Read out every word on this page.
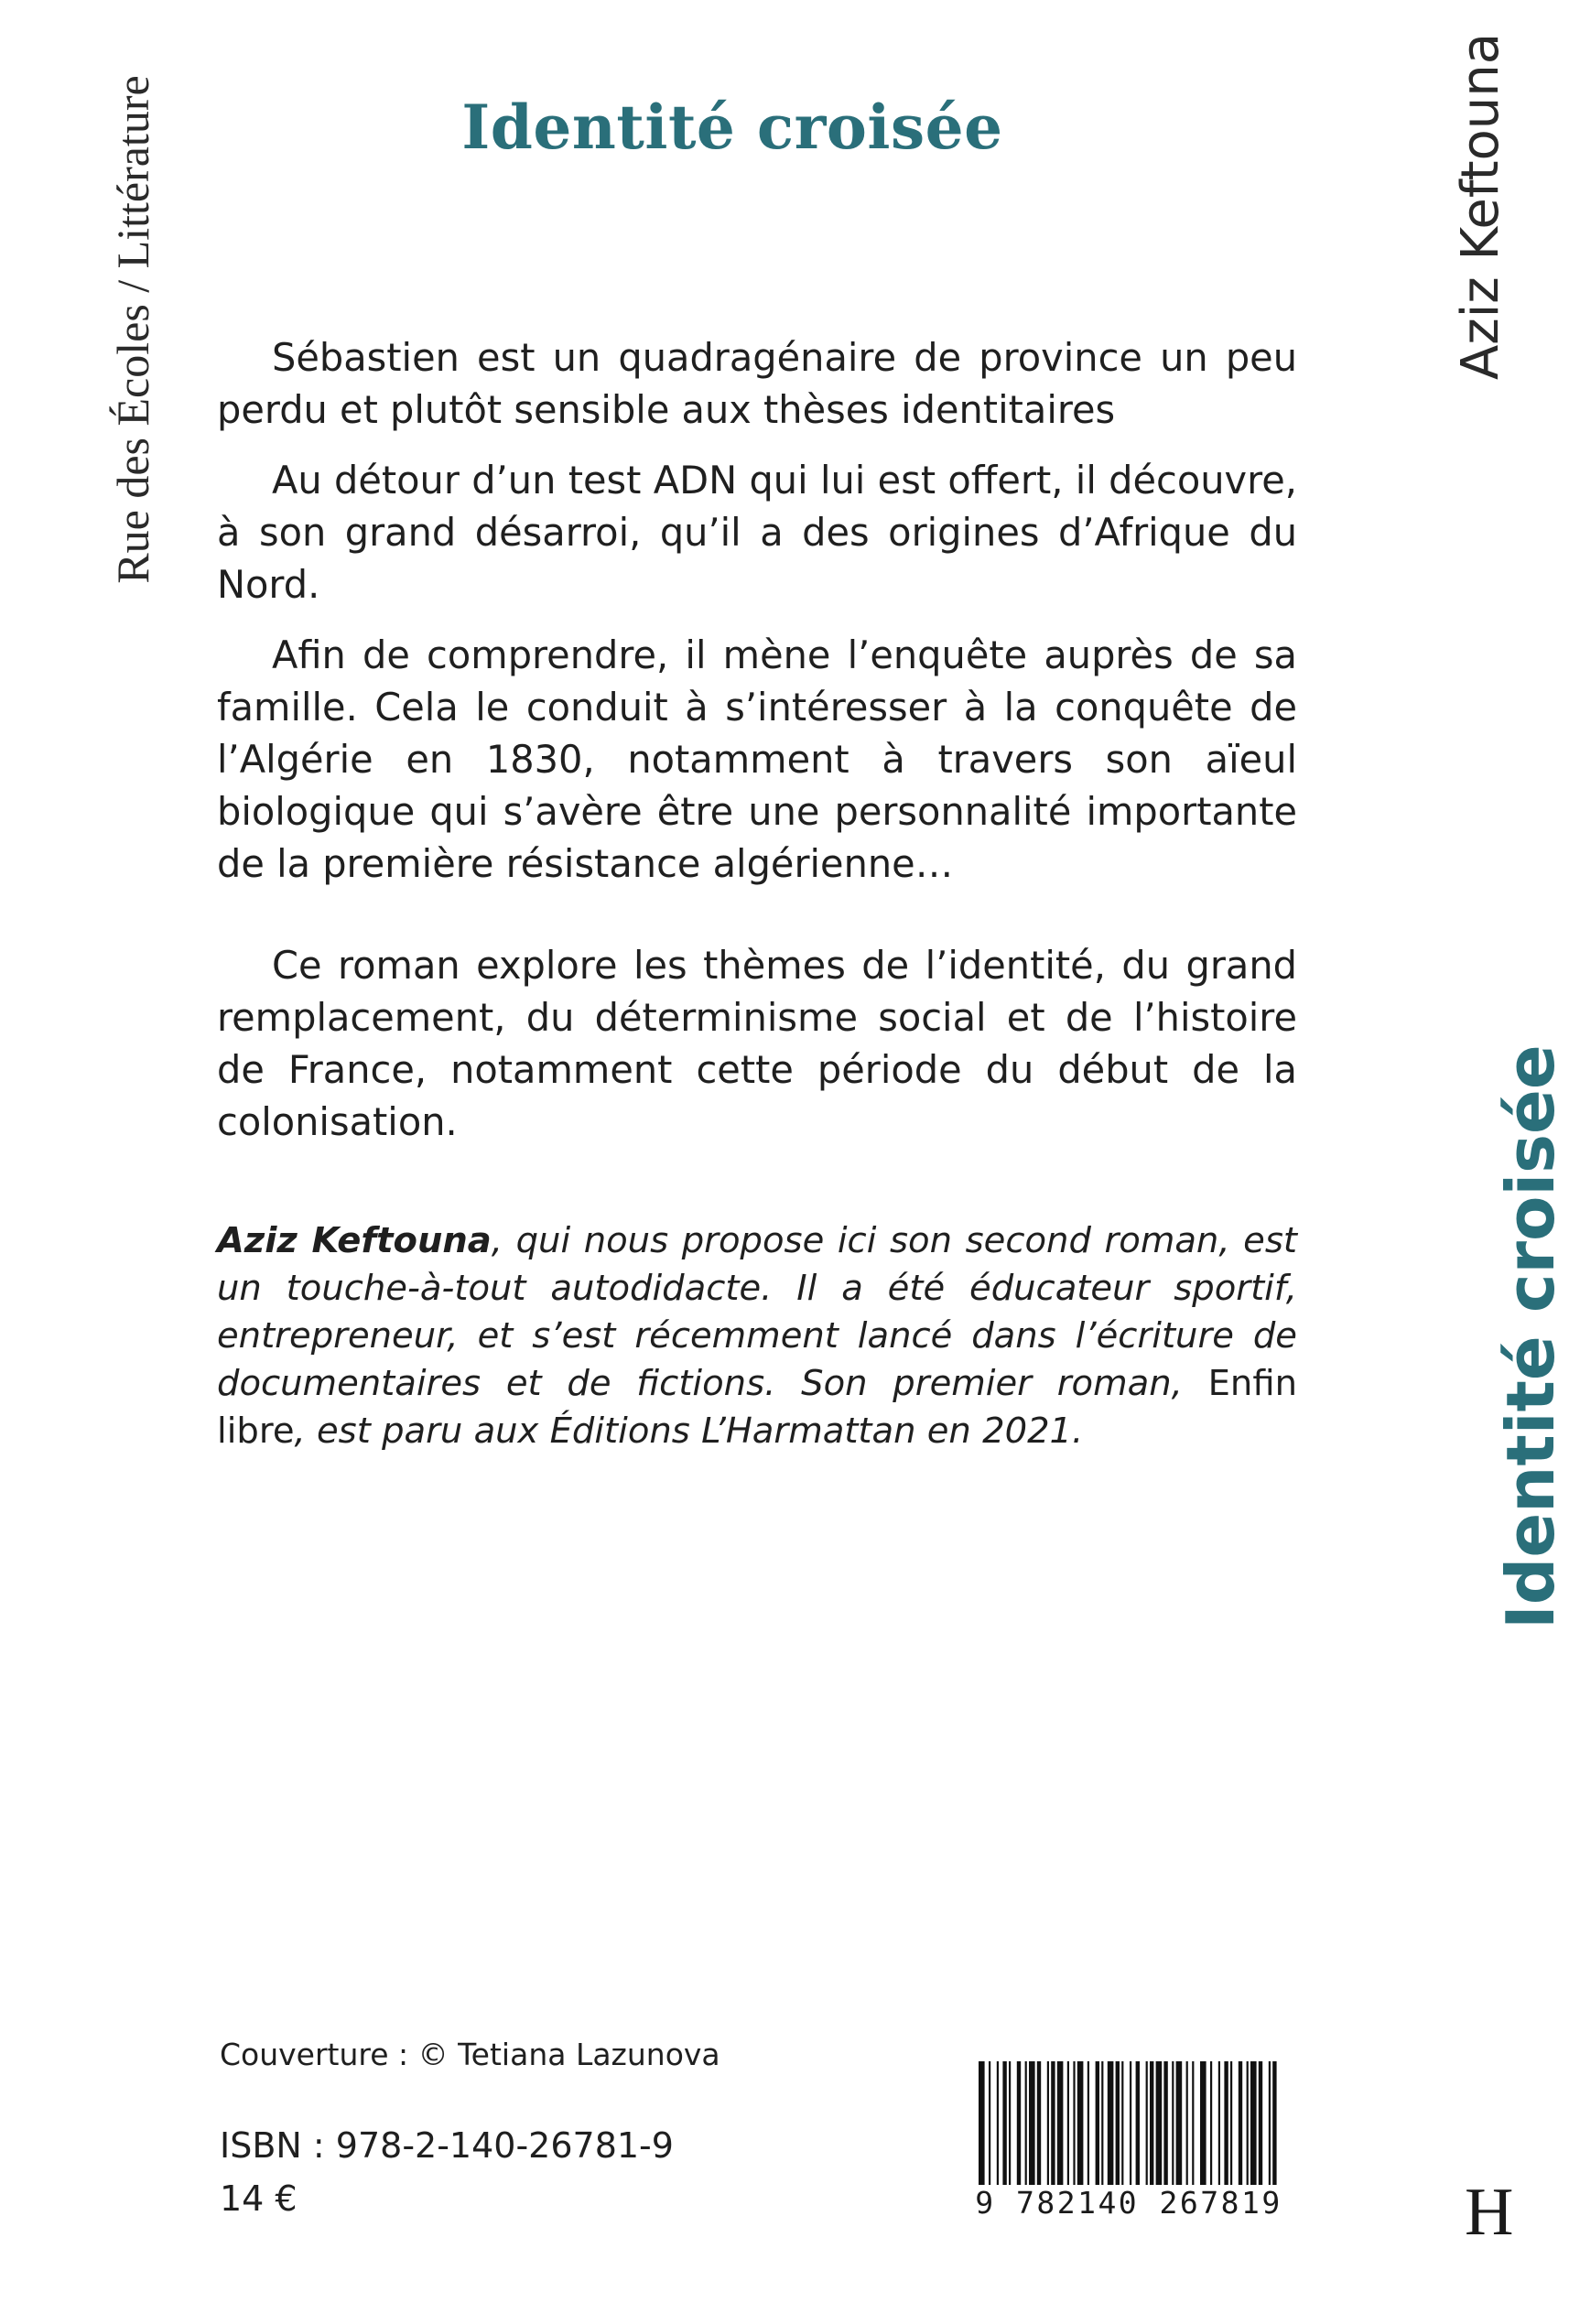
Rue des Écoles / Littérature	Identité croisée

Sébastien est un quadragénaire de province un peu perdu et plutôt sensible aux thèses identitaires

Au détour d’un test ADN qui lui est offert, il découvre, à son grand désarroi, qu’il a des origines d’Afrique du Nord.

Afin de comprendre, il mène l’enquête auprès de sa famille. Cela le conduit à s’intéresser à la conquête de l’Algérie en 1830, notamment à travers son aïeul biologique qui s’avère être une personnalité importante de la première résistance algérienne…

Ce roman explore les thèmes de l’identité, du grand remplacement, du déterminisme social et de l’histoire de France, notamment cette période du début de la colonisation.

Aziz Keftouna, qui nous propose ici son second roman, est un touche-à-tout autodidacte. Il a été éducateur sportif, entrepreneur, et s’est récemment lancé dans l’écriture de documentaires et de fictions. Son premier roman, Enfin libre, est paru aux Éditions L’Harmattan en 2021.
Couverture : © Tetiana Lazunova
ISBN : 978-2-140-26781-9
14 €	9 782140 267819
Aziz Keftouna
Identité croisée
H
